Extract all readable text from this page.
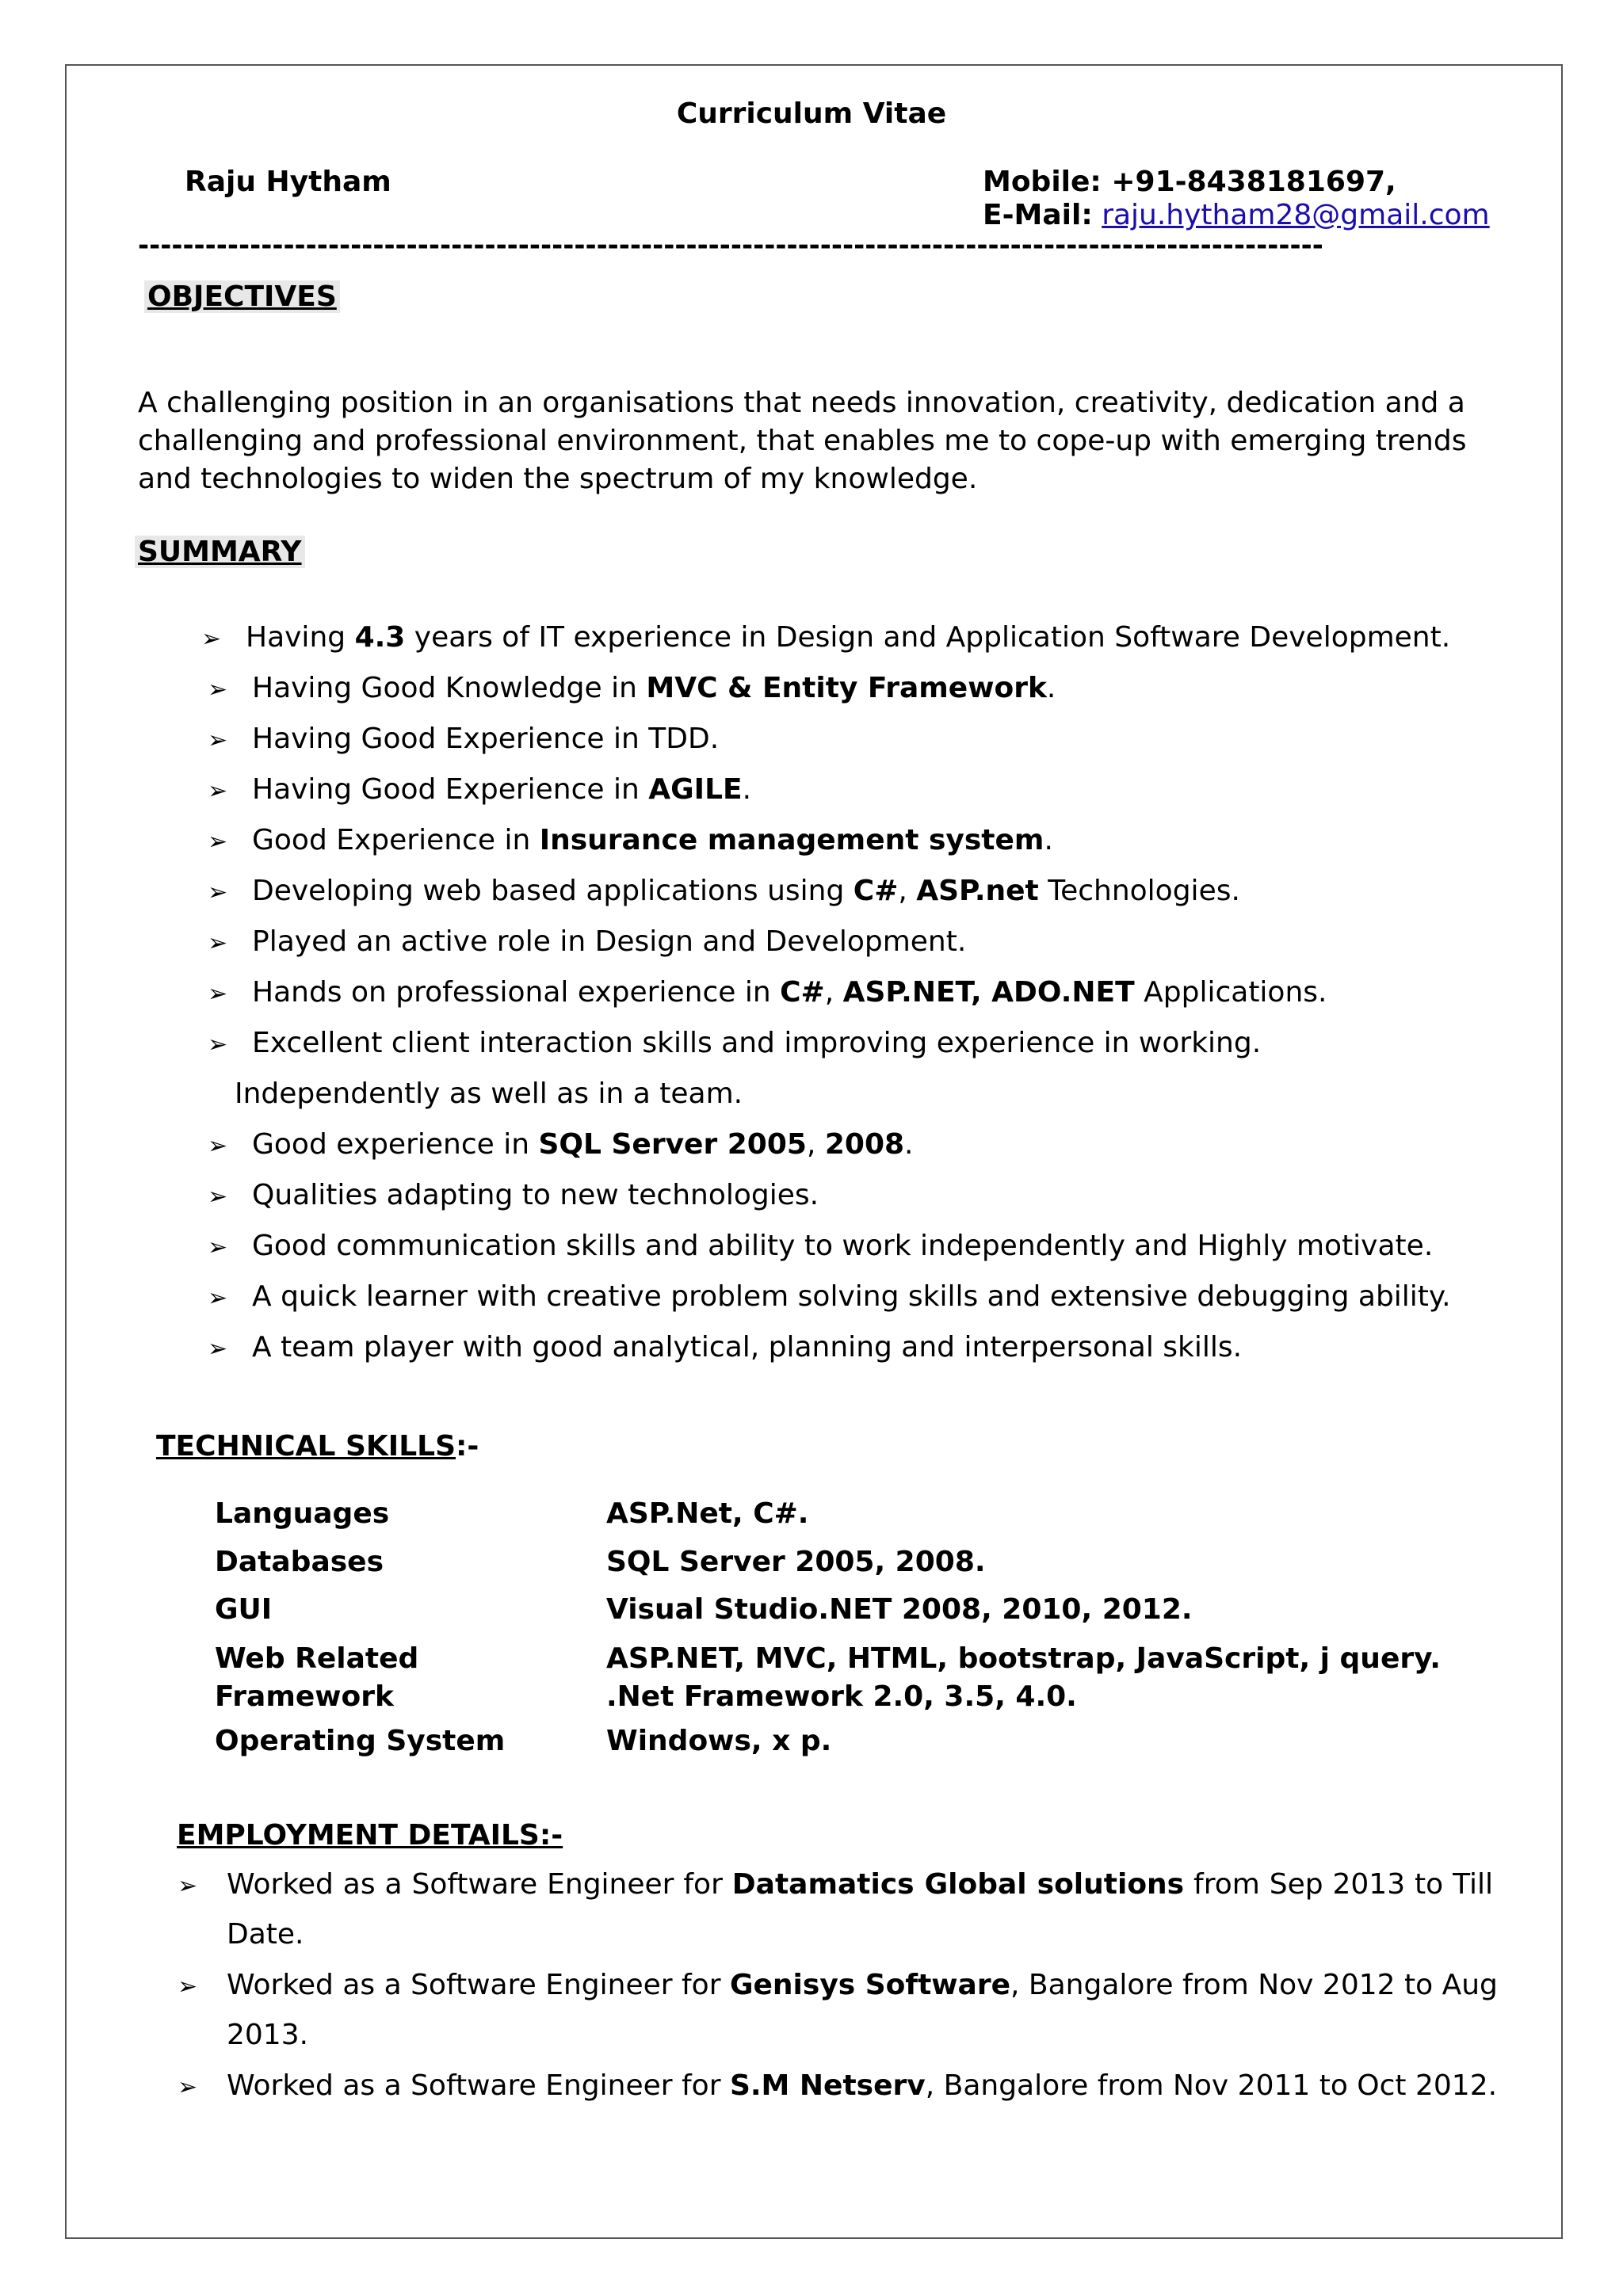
Curriculum Vitae
Raju Hytham	Mobile: +91-8438181697,
E-Mail: raju.hytham28@gmail.com
----------------------------------------------------------------------------------------------------------
OBJECTIVES
A challenging position in an organisations that needs innovation, creativity, dedication and a challenging and professional environment, that enables me to cope-up with emerging trends and technologies to widen the spectrum of my knowledge.
SUMMARY
➢ Having 4.3 years of IT experience in Design and Application Software Development.
➢ Having Good Knowledge in MVC & Entity Framework.
➢ Having Good Experience in TDD.
➢ Having Good Experience in AGILE.
➢ Good Experience in Insurance management system.
➢ Developing web based applications using C#, ASP.net Technologies.
➢ Played an active role in Design and Development.
➢ Hands on professional experience in C#, ASP.NET, ADO.NET Applications.
➢ Excellent client interaction skills and improving experience in working.
➢ Good experience in SQL Server 2005, 2008.
➢ Qualities adapting to new technologies.
➢ Good communication skills and ability to work independently and Highly motivate.
➢ A quick learner with creative problem solving skills and extensive debugging ability.
➢ A team player with good analytical, planning and interpersonal skills.
Independently as well as in a team.
TECHNICAL SKILLS:-
Languages	ASP.Net, C#.
Databases	SQL Server 2005, 2008.
GUI	Visual Studio.NET 2008, 2010, 2012.
Web Related	ASP.NET, MVC, HTML, bootstrap, JavaScript, j query.
Framework	.Net Framework 2.0, 3.5, 4.0.
Operating System	Windows, x p.
EMPLOYMENT DETAILS:-
➢ Worked as a Software Engineer for Datamatics Global solutions from Sep 2013 to Till
Date.
➢ Worked as a Software Engineer for Genisys Software, Bangalore from Nov 2012 to Aug
2013.
➢ Worked as a Software Engineer for S.M Netserv, Bangalore from Nov 2011 to Oct 2012.
